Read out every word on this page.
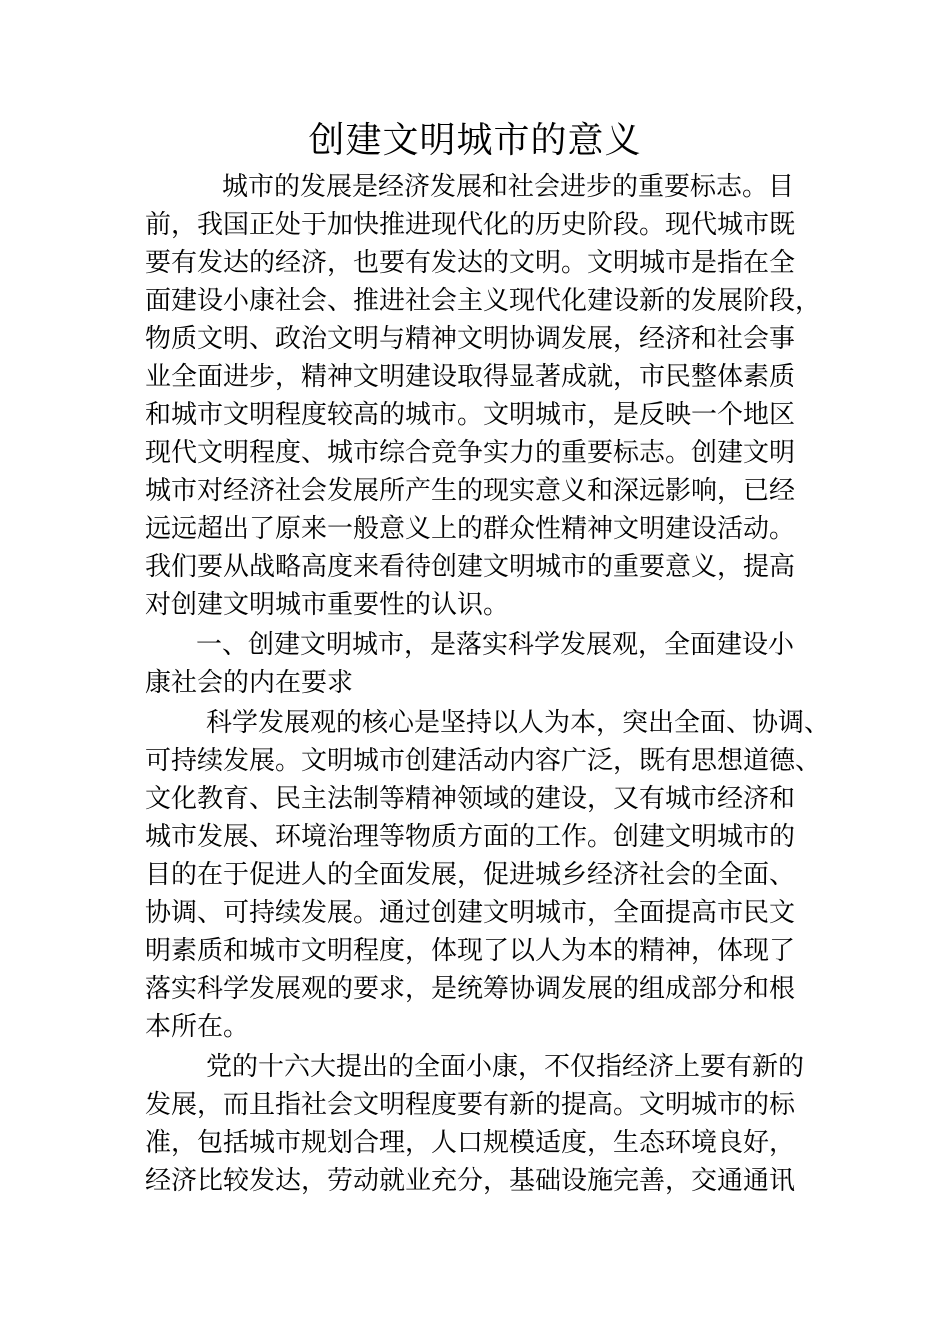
创建文明城市的意义

城市的发展是经济发展和社会进步的重要标志。目

前，我国正处于加快推进现代化的历史阶段。现代城市既

要有发达的经济，也要有发达的文明。文明城市是指在全

面建设小康社会、推进社会主义现代化建设新的发展阶段，

物质文明、政治文明与精神文明协调发展，经济和社会事

业全面进步，精神文明建设取得显著成就，市民整体素质

和城市文明程度较高的城市。文明城市，是反映一个地区

现代文明程度、城市综合竞争实力的重要标志。创建文明

城市对经济社会发展所产生的现实意义和深远影响，已经

远远超出了原来一般意义上的群众性精神文明建设活动。

我们要从战略高度来看待创建文明城市的重要意义，提高

对创建文明城市重要性的认识。

一、创建文明城市，是落实科学发展观，全面建设小

康社会的内在要求

科学发展观的核心是坚持以人为本，突出全面、协调、

可持续发展。文明城市创建活动内容广泛，既有思想道德、

文化教育、民主法制等精神领域的建设，又有城市经济和

城市发展、环境治理等物质方面的工作。创建文明城市的

目的在于促进人的全面发展，促进城乡经济社会的全面、

协调、可持续发展。通过创建文明城市，全面提高市民文

明素质和城市文明程度，体现了以人为本的精神，体现了

落实科学发展观的要求，是统筹协调发展的组成部分和根

本所在。

党的十六大提出的全面小康，不仅指经济上要有新的

发展，而且指社会文明程度要有新的提高。文明城市的标

准，包括城市规划合理，人口规模适度，生态环境良好，

经济比较发达，劳动就业充分，基础设施完善，交通通讯
